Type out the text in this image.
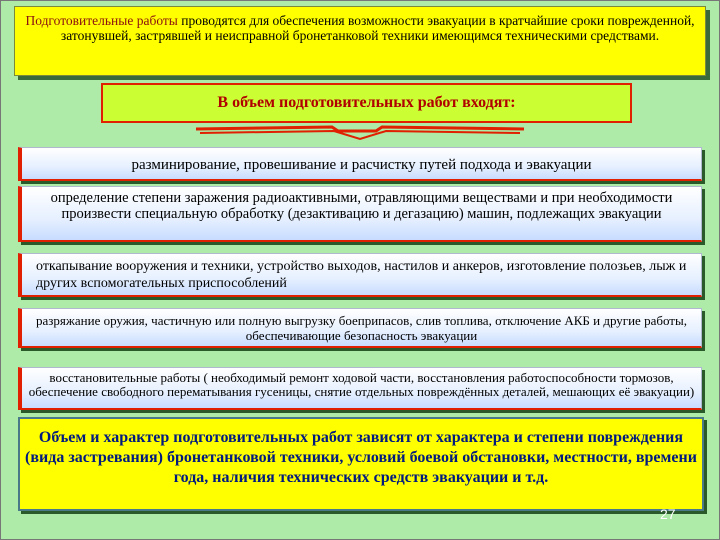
Подготовительные работы проводятся для обеспечения возможности эвакуации в кратчайшие сроки поврежденной, затонувшей, застрявшей и неисправной бронетанковой техники имеющимся техническими средствами.
В объем подготовительных работ входят:
разминирование, провешивание и расчистку путей подхода и эвакуации
определение степени заражения радиоактивными, отравляющими веществами и при необходимости произвести специальную обработку (дезактивацию и дегазацию) машин, подлежащих эвакуации
откапывание вооружения и техники, устройство выходов, настилов и анкеров, изготовление полозьев, лыж и других вспомогательных приспособлений
разряжание оружия, частичную или полную выгрузку боеприпасов, слив топлива, отключение АКБ и другие работы, обеспечивающие безопасность эвакуации
восстановительные работы ( необходимый ремонт ходовой части, восстановления работоспособности тормозов, обеспечение свободного перематывания гусеницы, снятие отдельных повреждённых деталей, мешающих её эвакуации)
Объем и характер подготовительных работ зависят от характера и степени повреждения (вида застревания) бронетанковой техники, условий боевой обстановки, местности, времени года, наличия технических средств эвакуации и т.д.
27
